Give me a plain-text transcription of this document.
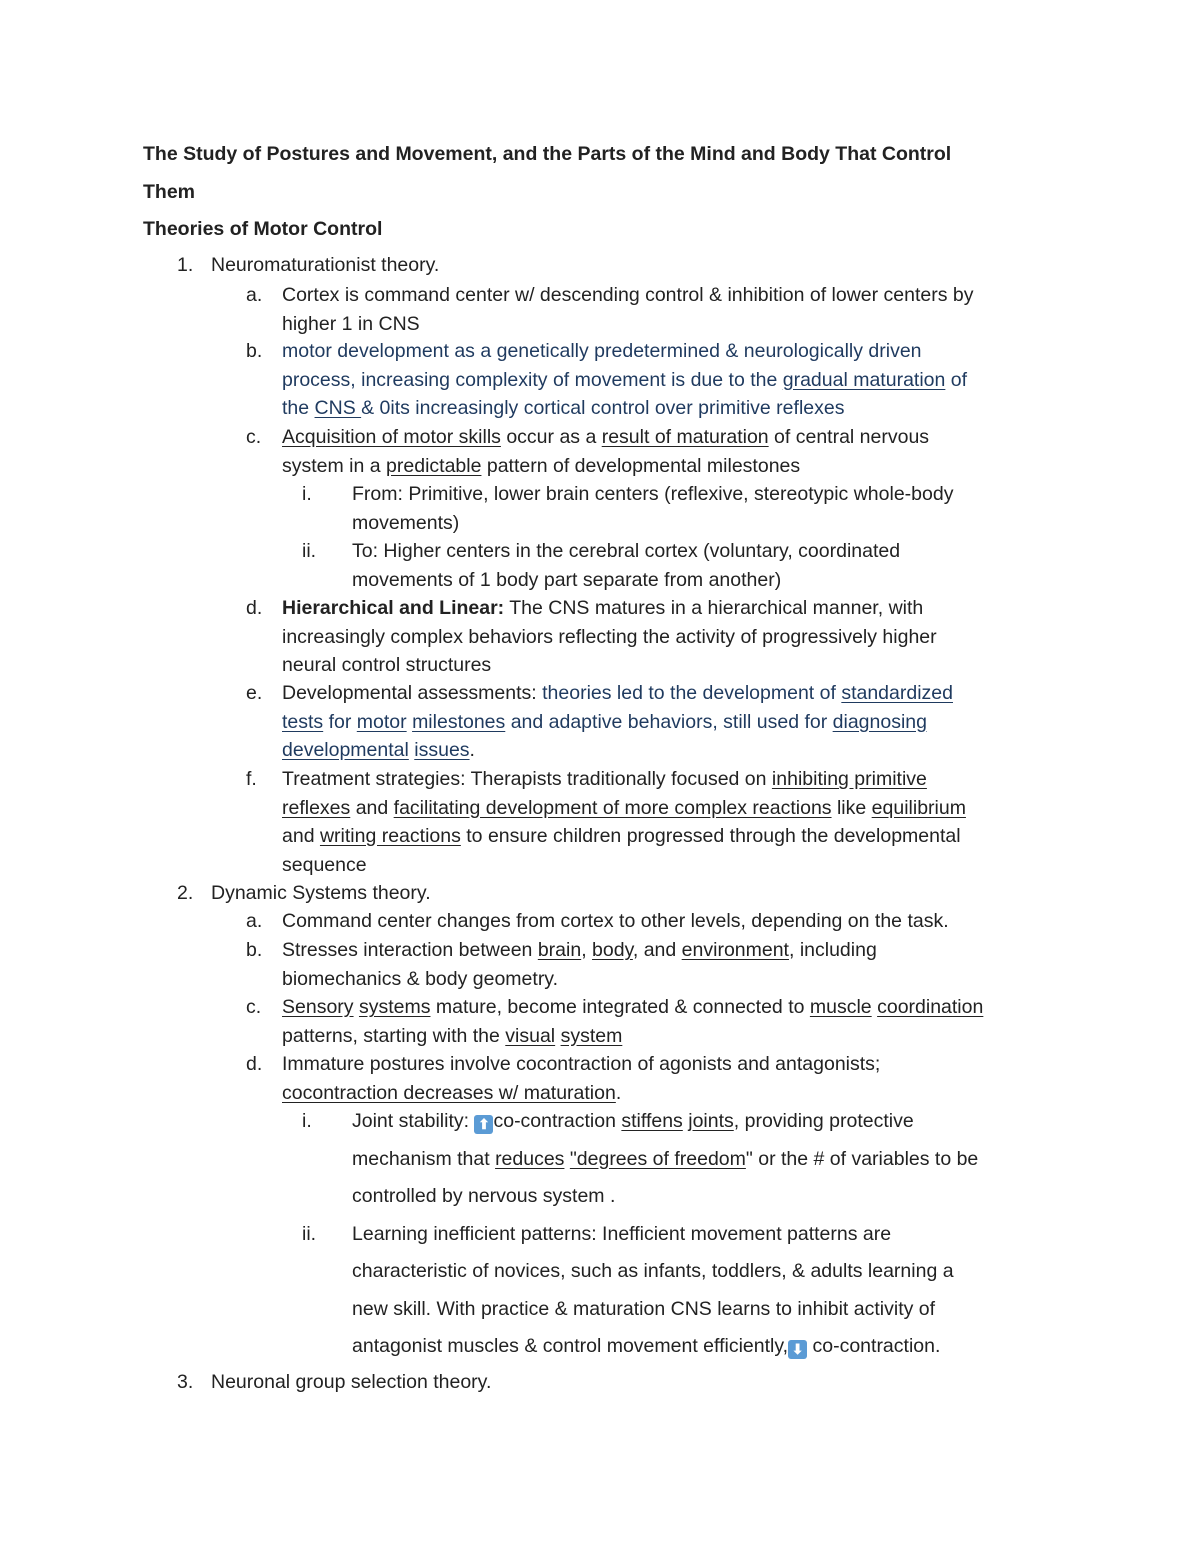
The Study of Postures and Movement, and the Parts of the Mind and Body That Control
Them
Theories of Motor Control
1. Neuromaturationist theory.
a. Cortex is command center w/ descending control & inhibition of lower centers by
higher 1 in CNS
b. motor development as a genetically predetermined & neurologically driven
process, increasing complexity of movement is due to the gradual maturation of
the CNS & 0its increasingly cortical control over primitive reflexes
c. Acquisition of motor skills occur as a result of maturation of central nervous
system in a predictable pattern of developmental milestones
i. From: Primitive, lower brain centers (reflexive, stereotypic whole-body
movements)
ii. To: Higher centers in the cerebral cortex (voluntary, coordinated
movements of 1 body part separate from another)
d. Hierarchical and Linear: The CNS matures in a hierarchical manner, with
increasingly complex behaviors reflecting the activity of progressively higher
neural control structures
e. Developmental assessments: theories led to the development of standardized
tests for motor milestones and adaptive behaviors, still used for diagnosing
developmental issues.
f. Treatment strategies: Therapists traditionally focused on inhibiting primitive
reflexes and facilitating development of more complex reactions like equilibrium
and writing reactions to ensure children progressed through the developmental
sequence
2. Dynamic Systems theory.
a. Command center changes from cortex to other levels, depending on the task.
b. Stresses interaction between brain, body, and environment, including
biomechanics & body geometry.
c. Sensory systems mature, become integrated & connected to muscle coordination
patterns, starting with the visual system
d. Immature postures involve cocontraction of agonists and antagonists;
cocontraction decreases w/ maturation.
i. Joint stability: ⬆ co-contraction stiffens joints, providing protective
mechanism that reduces "degrees of freedom" or the # of variables to be
controlled by nervous system .
ii. Learning inefficient patterns: Inefficient movement patterns are
characteristic of novices, such as infants, toddlers, & adults learning a
new skill. With practice & maturation CNS learns to inhibit activity of
antagonist muscles & control movement efficiently, ⬇ co-contraction.
3. Neuronal group selection theory.
